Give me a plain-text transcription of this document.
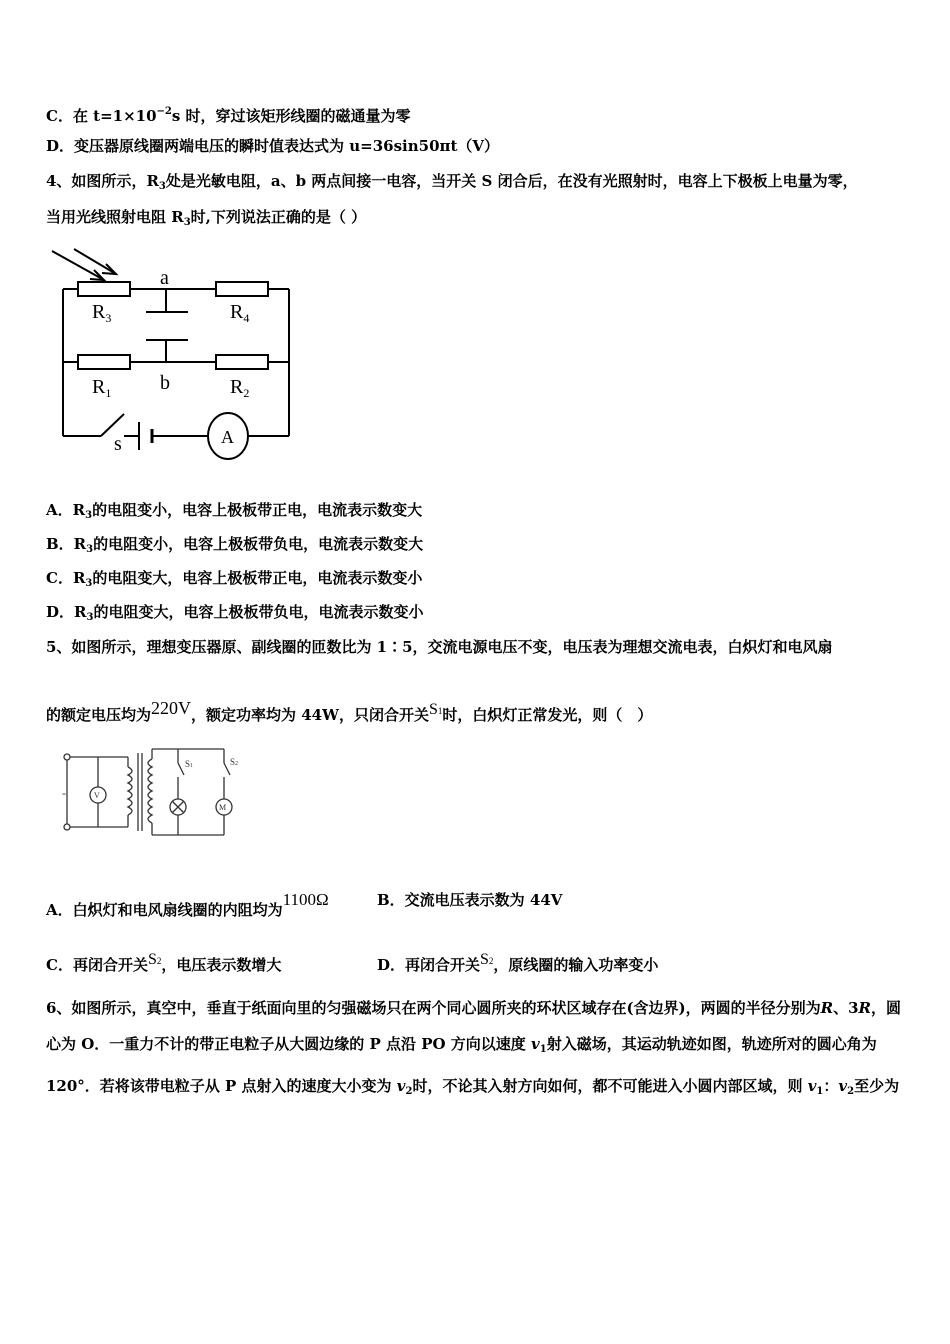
C．在 $t=1\times 10^{-2}s$ 时，穿过该矩形线圈的磁通量为零
D．变压器原线圈两端电压的瞬时值表达式为 u=36sin50πt（V）
4、如图所示，$R_3$处是光敏电阻，a、b 两点间接一电容，当开关 S 闭合后，在没有光照射时，电容上下极板上电量为零，
当用光线照射电阻 $R_3$时,下列说法正确的是（ ）
$R_3$	$R_4$
$R_1$	$R_2$
a
b
s	A
A．$R_3$的电阻变小，电容上极板带正电，电流表示数变大
B．$R_3$的电阻变小，电容上极板带负电，电流表示数变大
C．$R_3$的电阻变大，电容上极板带正电，电流表示数变小
D．$R_3$的电阻变大，电容上极板带负电，电流表示数变小
5、如图所示，理想变压器原、副线圈的匝数比为 1∶5，交流电源电压不变，电压表为理想交流电表，白炽灯和电风扇
的额定电压均为220V，额定功率均为 44W，只闭合开关S1时，白炽灯正常发光，则（　）
V
M
S1	S2
-
A．白炽灯和电风扇线圈的内阻均为1100Ω	B．交流电压表示数为 44V
C．再闭合开关S2，电压表示数增大	D．再闭合开关S2，原线圈的输入功率变小
6、如图所示，真空中，垂直于纸面向里的匀强磁场只在两个同心圆所夹的环状区域存在(含边界)，两圆的半径分别为R、3R，圆心为 O．一重力不计的带正电粒子从大圆边缘的 P 点沿 PO 方向以速度 $v_1$射入磁场，其运动轨迹如图，轨迹所对的圆心角为 120°．若将该带电粒子从 P 点射入的速度大小变为 $v_2$时，不论其入射方向如何，都不可能进入小圆内部区域，则 $v_1$：$v_2$至少为
